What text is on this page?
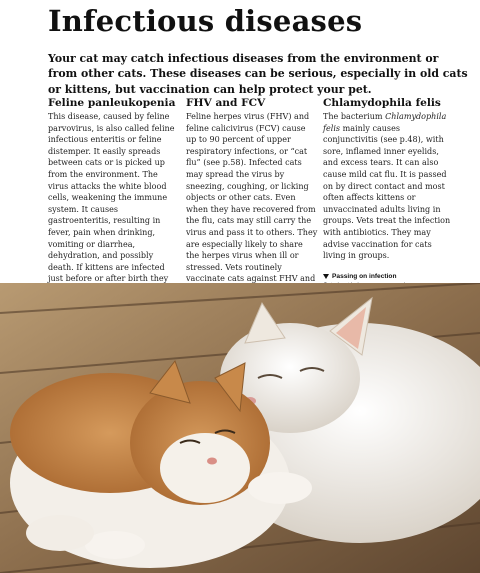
Infectious diseases

Your cat may catch infectious diseases from the environment or from other cats. These diseases can be serious, especially in old cats or kittens, but vaccination can help protect your pet.

Feline panleukopenia

This disease, caused by feline parvovirus, is also called feline infectious enteritis or feline distemper. It easily spreads between cats or is picked up from the environment. The virus attacks the white blood cells, weakening the immune system. It causes gastroenteritis, resulting in fever, pain when drinking, vomiting or diarrhea, dehydration, and possibly death. If kittens are infected just before or after birth they

FHV and FCV

Feline herpes virus (FHV) and feline calicivirus (FCV) cause up to 90 percent of upper respiratory infections, or “cat flu” (see p.58). Infected cats may spread the virus by sneezing, coughing, or licking objects or other cats. Even when they have recovered from the flu, cats may still carry the virus and pass it to others. They are especially likely to share the herpes virus when ill or stressed. Vets routinely vaccinate cats against FHV and

Chlamydophila felis

The bacterium Chlamydophila felis mainly causes conjunctivitis (see p.48), with sore, inflamed inner eyelids, and excess tears. It can also cause mild cat flu. It is passed on by direct contact and most often affects kittens or unvaccinated adults living in groups. Vets treat the infection with antibiotics. They may advise vaccination for cats living in groups.

Passing on infection
